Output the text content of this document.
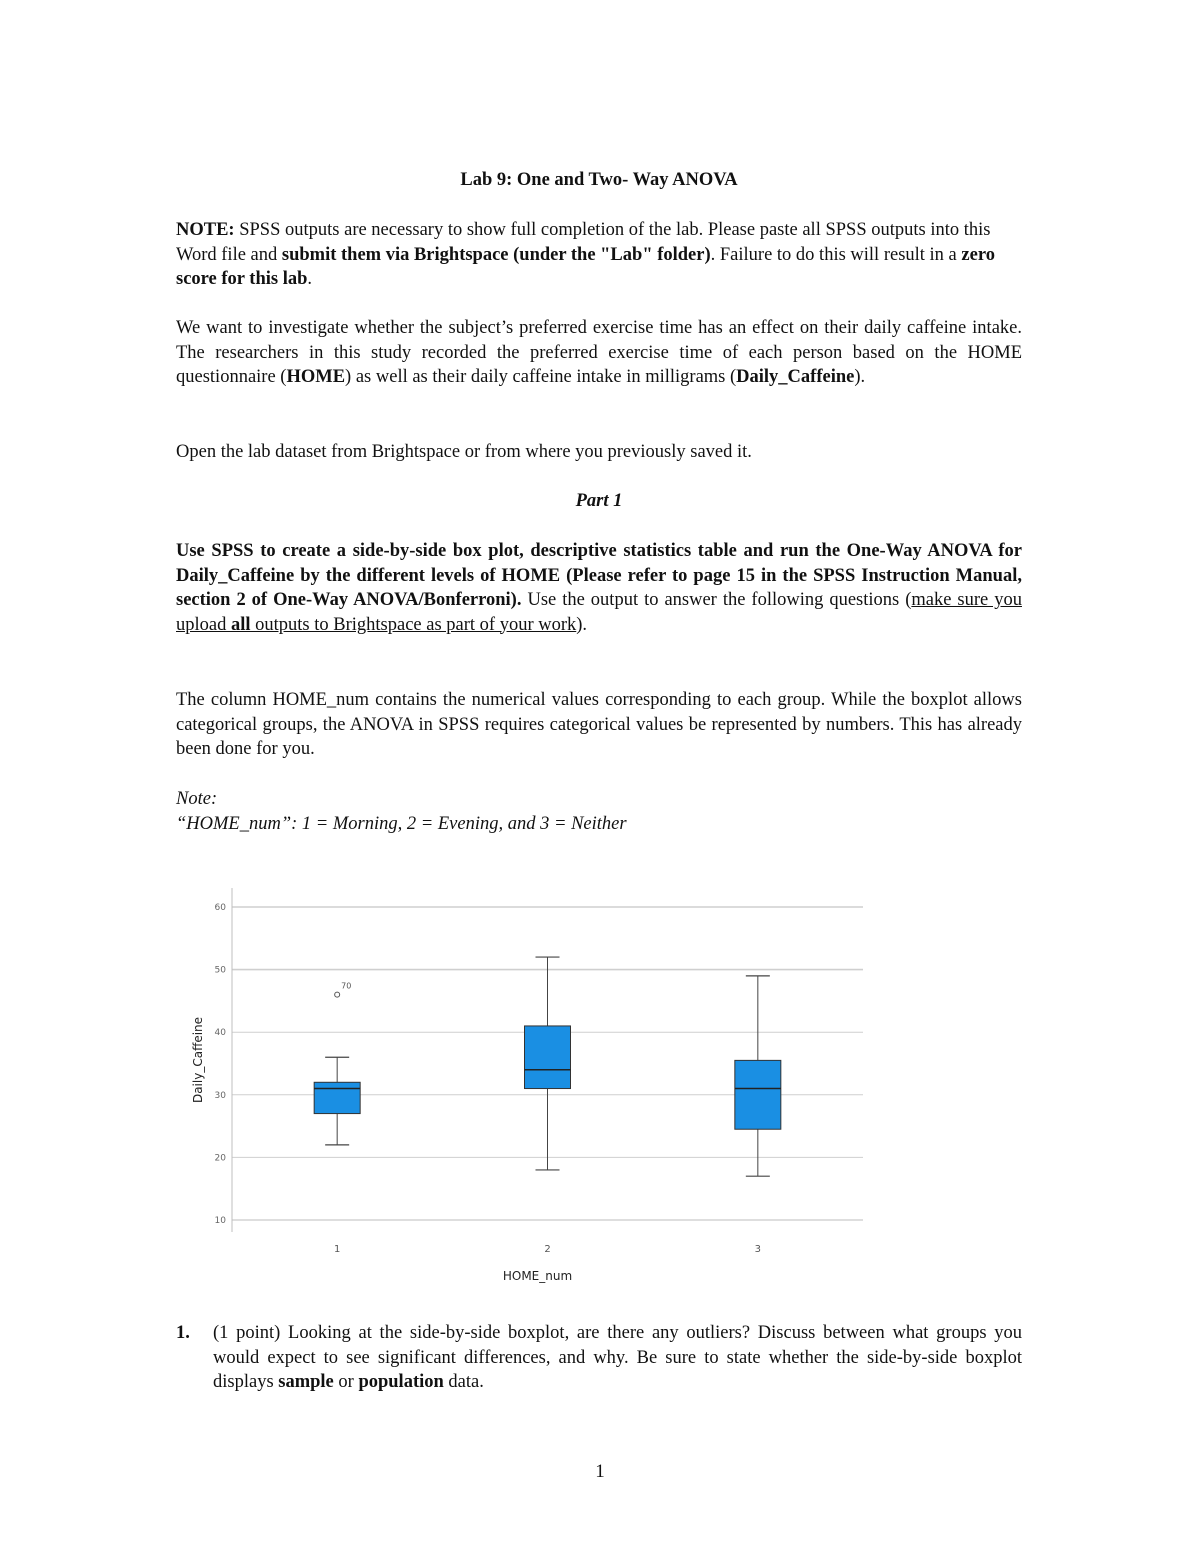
Lab 9: One and Two- Way ANOVA

NOTE: SPSS outputs are necessary to show full completion of the lab. Please paste all SPSS outputs into this Word file and submit them via Brightspace (under the "Lab" folder). Failure to do this will result in a zero score for this lab.

We want to investigate whether the subject’s preferred exercise time has an effect on their daily caffeine intake. The researchers in this study recorded the preferred exercise time of each person based on the HOME questionnaire (HOME) as well as their daily caffeine intake in milligrams (Daily_Caffeine).

Open the lab dataset from Brightspace or from where you previously saved it.

Part 1

Use SPSS to create a side-by-side box plot, descriptive statistics table and run the One-Way ANOVA for Daily_Caffeine by the different levels of HOME (Please refer to page 15 in the SPSS Instruction Manual, section 2 of One-Way ANOVA/Bonferroni). Use the output to answer the following questions (make sure you upload all outputs to Brightspace as part of your work).

The column HOME_num contains the numerical values corresponding to each group. While the boxplot allows categorical groups, the ANOVA in SPSS requires categorical values be represented by numbers. This has already been done for you.

Note:

“HOME_num”: 1 = Morning, 2 = Evening, and 3 = Neither

10
20
30
40
50
60
1	2	3
70
HOME_num
Daily_Caffeine
1. (1 point) Looking at the side-by-side boxplot, are there any outliers? Discuss between what groups you would expect to see significant differences, and why. Be sure to state whether the side-by-side boxplot displays sample or population data.

1
